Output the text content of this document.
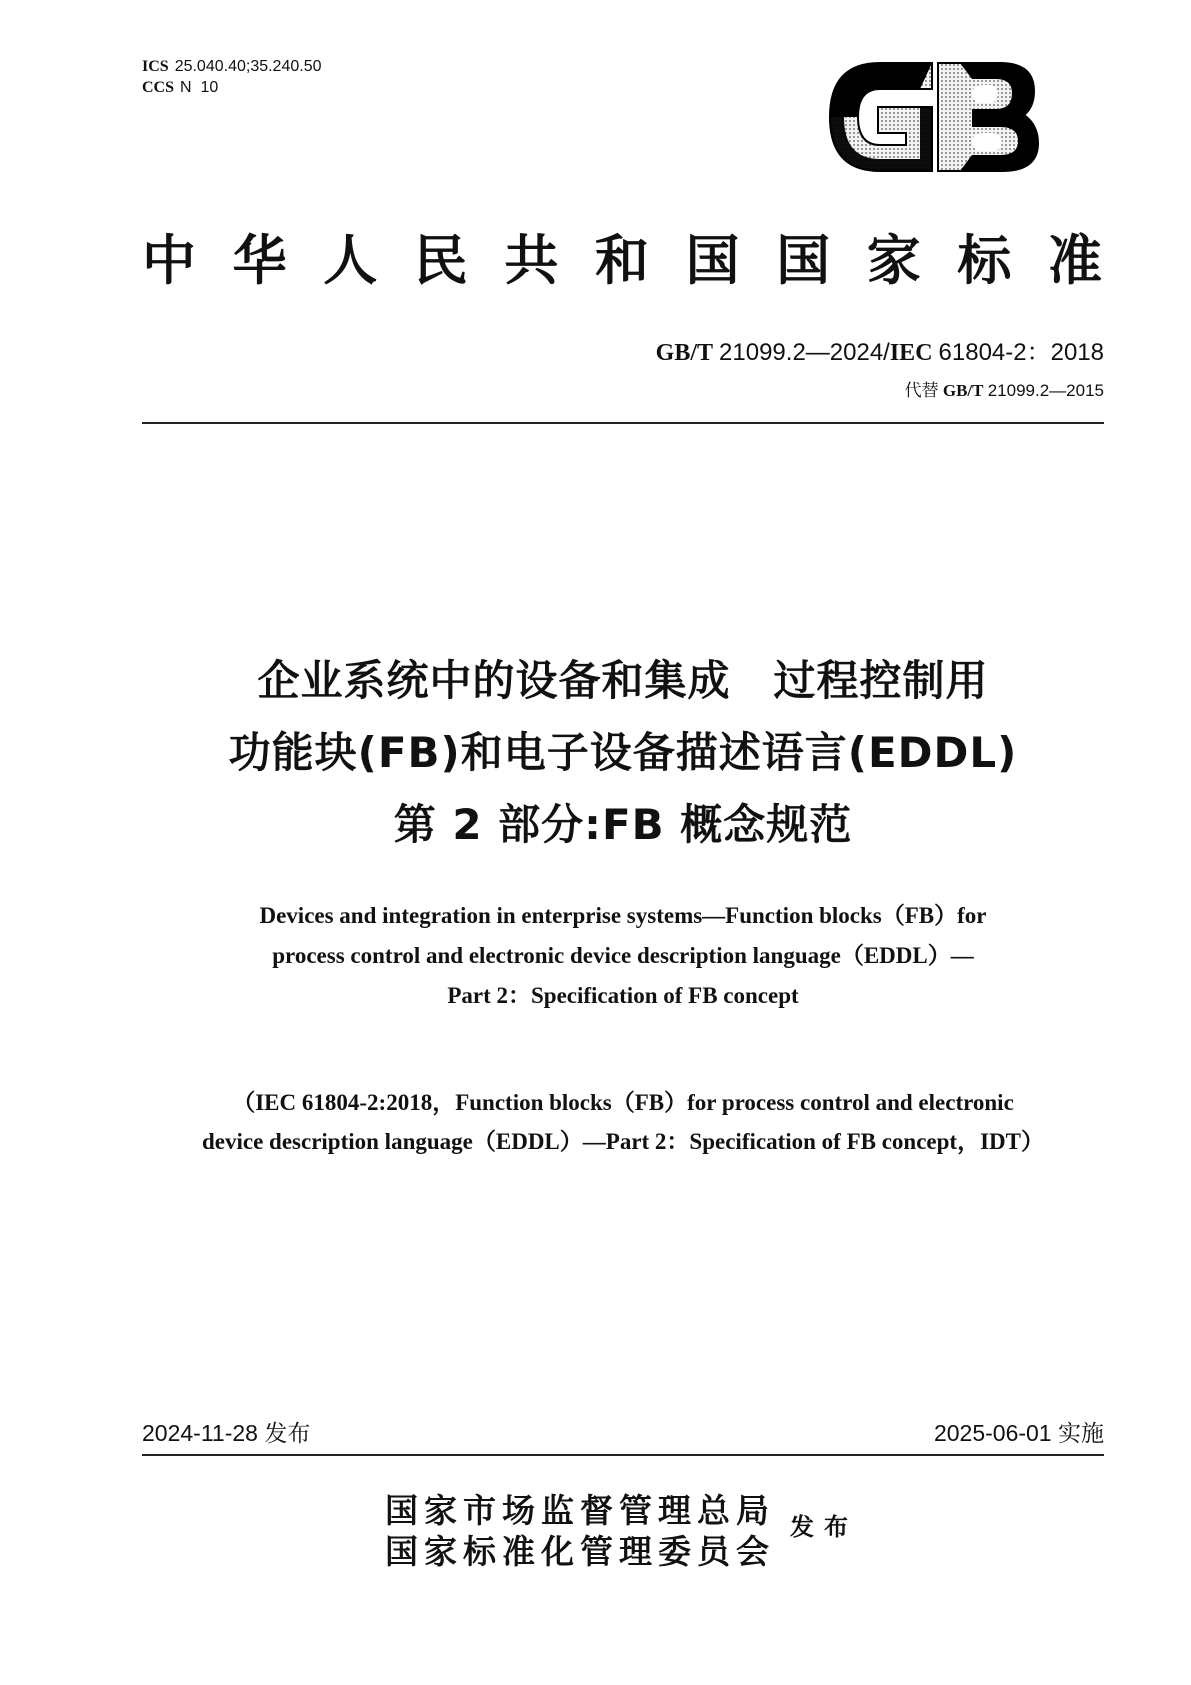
ICS 25.040.40;35.240.50
CCS N  10
中华人民共和国国家标准
GB/T 21099.2—2024/IEC 61804-2：2018
代替 GB/T 21099.2—2015
企业系统中的设备和集成　过程控制用
功能块(FB)和电子设备描述语言(EDDL)
第 2 部分:FB 概念规范
Devices and integration in enterprise systems—Function blocks（FB）for
process control and electronic device description language（EDDL）—
Part 2：Specification of FB concept
（IEC 61804-2:2018，Function blocks（FB）for process control and electronic
device description language（EDDL）—Part 2：Specification of FB concept，IDT）
2024-11-28 发布	2025-06-01 实施
国家市场监督管理总局
国家标准化管理委员会
发布
